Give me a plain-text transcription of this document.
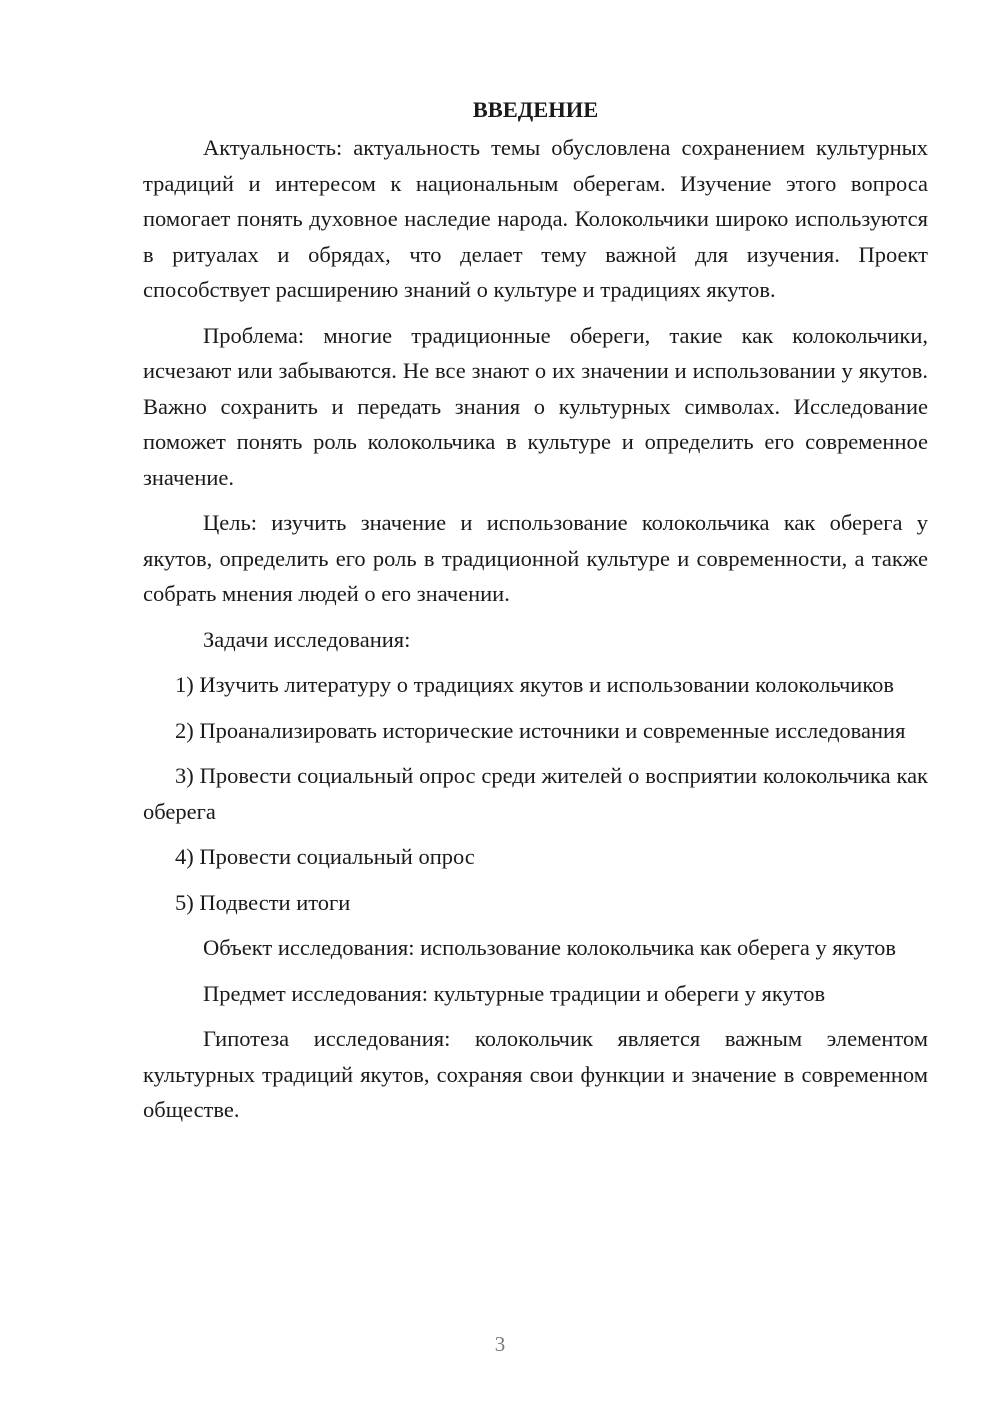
ВВЕДЕНИЕ

Актуальность: актуальность темы обусловлена сохранением культурных традиций и интересом к национальным оберегам. Изучение этого вопроса помогает понять духовное наследие народа. Колокольчики широко используются в ритуалах и обрядах, что делает тему важной для изучения. Проект способствует расширению знаний о культуре и традициях якутов.

Проблема: многие традиционные обереги, такие как колокольчики, исчезают или забываются. Не все знают о их значении и использовании у якутов. Важно сохранить и передать знания о культурных символах. Исследование поможет понять роль колокольчика в культуре и определить его современное значение.

Цель: изучить значение и использование колокольчика как оберега у якутов, определить его роль в традиционной культуре и современности, а также собрать мнения людей о его значении.

Задачи исследования:

1) Изучить литературу о традициях якутов и использовании колокольчиков

2) Проанализировать исторические источники и современные исследования

3) Провести социальный опрос среди жителей о восприятии колокольчика как оберега

4) Провести социальный опрос

5) Подвести итоги

Объект исследования: использование колокольчика как оберега у якутов

Предмет исследования: культурные традиции и обереги у якутов

Гипотеза исследования: колокольчик является важным элементом культурных традиций якутов, сохраняя свои функции и значение в современном обществе.

3
